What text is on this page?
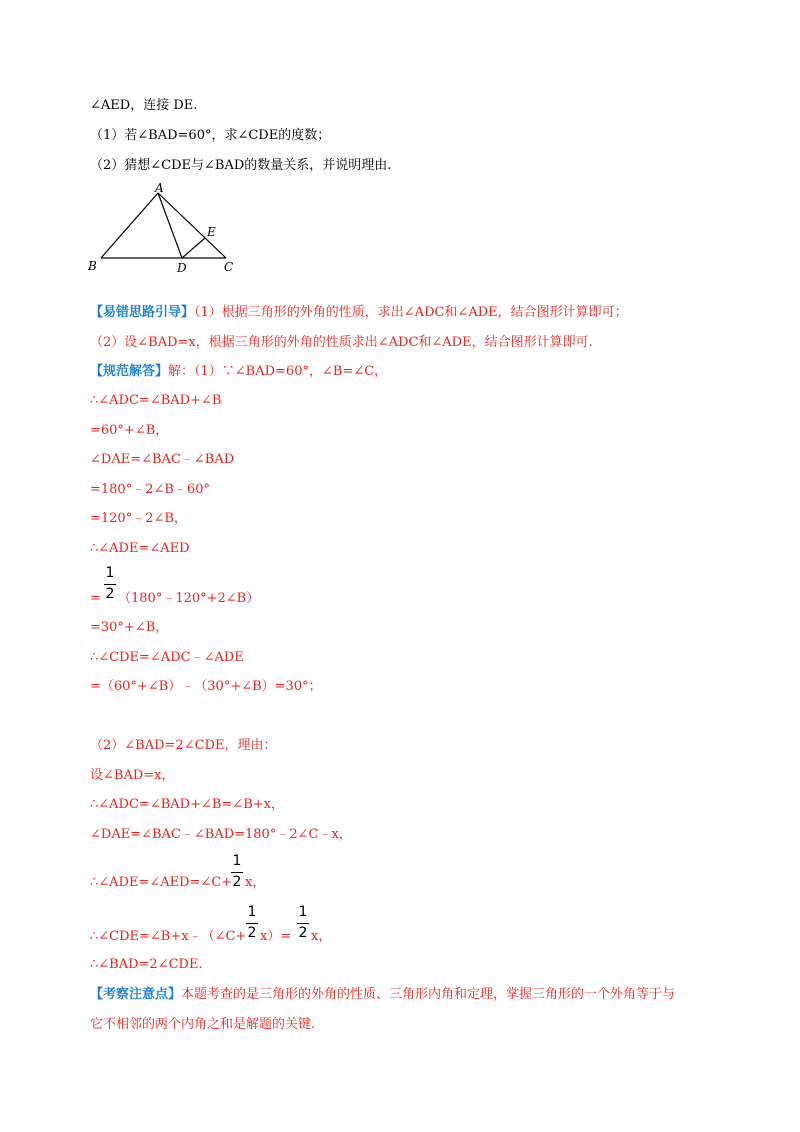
∠AED，连接 DE.
（1）若∠BAD=60°，求∠CDE的度数；
（2）猜想∠CDE与∠BAD的数量关系，并说明理由.
A
B	C
D
E
【易错思路引导】（1）根据三角形的外角的性质，求出∠ADC和∠ADE，结合图形计算即可；
（2）设∠BAD=x，根据三角形的外角的性质求出∠ADC和∠ADE，结合图形计算即可.
【规范解答】解：（1）∵∠BAD=60°，∠B=∠C，
∴∠ADC=∠BAD+∠B
=60°+∠B，
∠DAE=∠BAC﹣∠BAD
=180°﹣2∠B﹣60°
=120°﹣2∠B，
∴∠ADE=∠AED
1
2
= （180°﹣120°+2∠B）
=30°+∠B，
∴∠CDE=∠ADC﹣∠ADE
=（60°+∠B）﹣（30°+∠B）=30°；
（2）∠BAD=2∠CDE，理由：
设∠BAD=x，
∴∠ADC=∠BAD+∠B=∠B+x，
∠DAE=∠BAC﹣∠BAD=180°﹣2∠C﹣x，
∴∠ADE=∠AED=∠C+
1
2 x，
∴∠CDE=∠B+x﹣（∠C+
1
2 x）=
1
2 x，
∴∠BAD=2∠CDE.
【考察注意点】本题考查的是三角形的外角的性质、三角形内角和定理，掌握三角形的一个外角等于与
它不相邻的两个内角之和是解题的关键.
